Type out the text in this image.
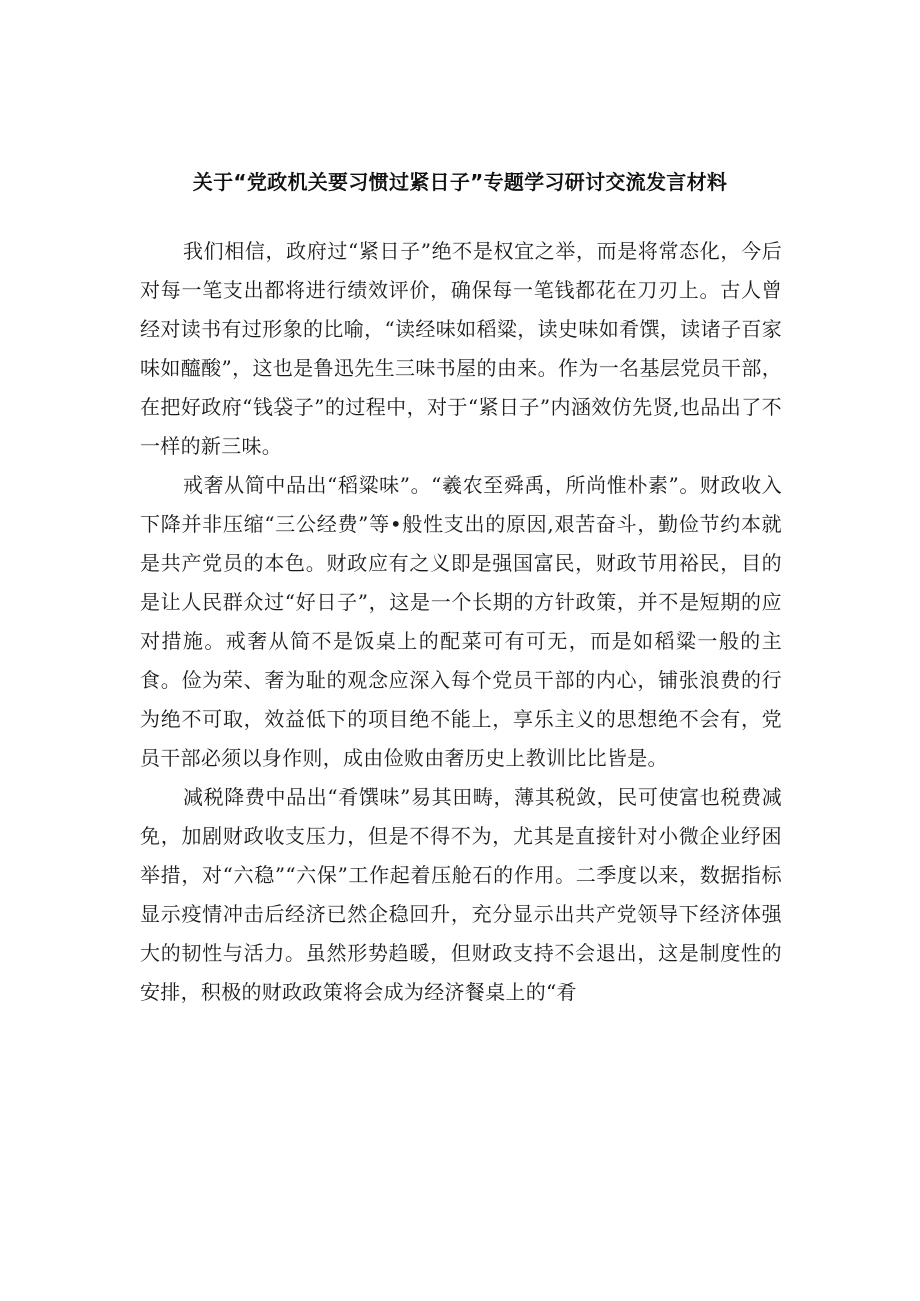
关于“党政机关要习惯过紧日子”专题学习研讨交流发言材料

我们相信，政府过“紧日子”绝不是权宜之举，而是将常态化，今后对每一笔支出都将进行绩效评价，确保每一笔钱都花在刀刃上。古人曾经对读书有过形象的比喻，“读经味如稻粱，读史味如肴馔，读诸子百家味如醯酸”，这也是鲁迅先生三味书屋的由来。作为一名基层党员干部，在把好政府“钱袋子”的过程中，对于“紧日子”内涵效仿先贤,也品出了不一样的新三味。

戒奢从简中品出“稻粱味”。“羲农至舜禹，所尚惟朴素”。财政收入下降并非压缩“三公经费”等•般性支出的原因,艰苦奋斗，勤俭节约本就是共产党员的本色。财政应有之义即是强国富民，财政节用裕民，目的是让人民群众过“好日子”，这是一个长期的方针政策，并不是短期的应对措施。戒奢从简不是饭桌上的配菜可有可无，而是如稻粱一般的主食。俭为荣、奢为耻的观念应深入每个党员干部的内心，铺张浪费的行为绝不可取，效益低下的项目绝不能上，享乐主义的思想绝不会有，党员干部必须以身作则，成由俭败由奢历史上教训比比皆是。

减税降费中品出“肴馔味”易其田畴，薄其税敛，民可使富也税费减免，加剧财政收支压力，但是不得不为，尤其是直接针对小微企业纾困举措，对“六稳”“六保”工作起着压舱石的作用。二季度以来，数据指标显示疫情冲击后经济已然企稳回升，充分显示出共产党领导下经济体强大的韧性与活力。虽然形势趋暖，但财政支持不会退出，这是制度性的安排，积极的财政政策将会成为经济餐桌上的“肴
